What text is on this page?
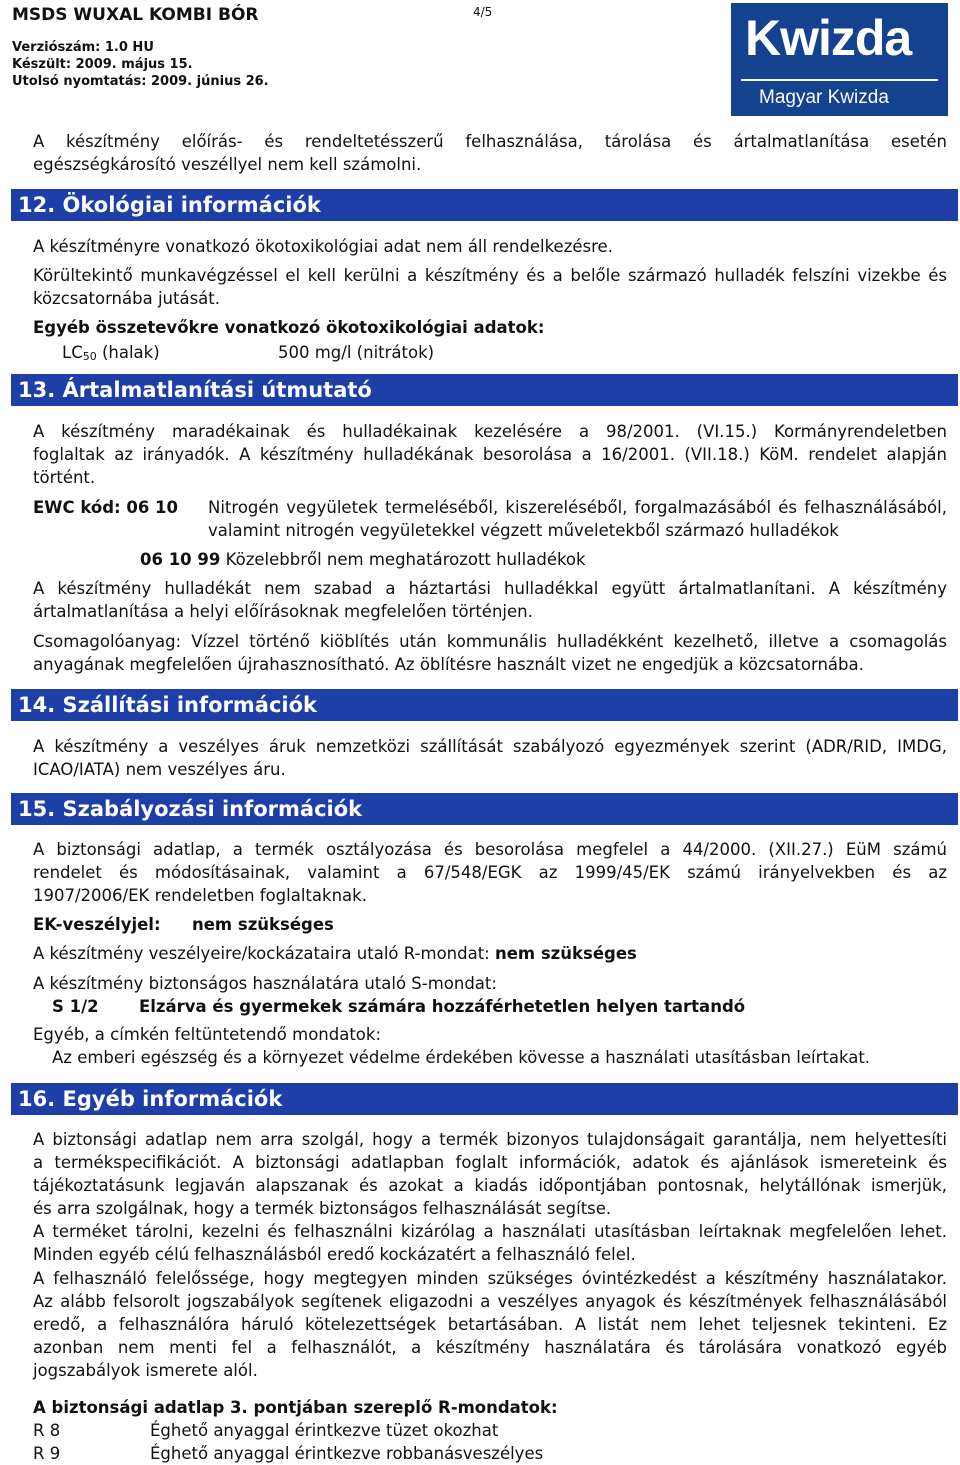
MSDS WUXAL KOMBI BÓR	4/5
Verziószám: 1.0 HU
Készült: 2009. május 15.
Utolsó nyomtatás: 2009. június 26.
Kwizda
Magyar Kwizda
A készítmény előírás- és rendeltetésszerű felhasználása, tárolása és ártalmatlanítása esetén
egészségkárosító veszéllyel nem kell számolni.
12. Ökológiai információk
A készítményre vonatkozó ökotoxikológiai adat nem áll rendelkezésre.
Körültekintő munkavégzéssel el kell kerülni a készítmény és a belőle származó hulladék felszíni vizekbe és
közcsatornába jutását.
Egyéb összetevőkre vonatkozó ökotoxikológiai adatok:
$LC_{50}$ (halak)	500 mg/l (nitrátok)
13. Ártalmatlanítási útmutató
A készítmény maradékainak és hulladékainak kezelésére a 98/2001. (VI.15.) Kormányrendeletben
foglaltak az irányadók. A készítmény hulladékának besorolása a 16/2001. (VII.18.) KöM. rendelet alapján
történt.
EWC kód: 06 10 Nitrogén vegyületek termeléséből, kiszereléséből, forgalmazásából és felhasználásából,
valamint nitrogén vegyületekkel végzett műveletekből származó hulladékok
06 10 99 Közelebbről nem meghatározott hulladékok
A készítmény hulladékát nem szabad a háztartási hulladékkal együtt ártalmatlanítani. A készítmény
ártalmatlanítása a helyi előírásoknak megfelelően történjen.
Csomagolóanyag: Vízzel történő kiöblítés után kommunális hulladékként kezelhető, illetve a csomagolás
anyagának megfelelően újrahasznosítható. Az öblítésre használt vizet ne engedjük a közcsatornába.
14. Szállítási információk
A készítmény a veszélyes áruk nemzetközi szállítását szabályozó egyezmények szerint (ADR/RID, IMDG,
ICAO/IATA) nem veszélyes áru.
15. Szabályozási információk
A biztonsági adatlap, a termék osztályozása és besorolása megfelel a 44/2000. (XII.27.) EüM számú
rendelet és módosításainak, valamint a 67/548/EGK az 1999/45/EK számú irányelvekben és az
1907/2006/EK rendeletben foglaltaknak.
EK-veszélyjel: nem szükséges
A készítmény veszélyeire/kockázataira utaló R-mondat: nem szükséges
A készítmény biztonságos használatára utaló S-mondat:
S 1/2 Elzárva és gyermekek számára hozzáférhetetlen helyen tartandó
Egyéb, a címkén feltüntetendő mondatok:
Az emberi egészség és a környezet védelme érdekében kövesse a használati utasításban leírtakat.
16. Egyéb információk
A biztonsági adatlap nem arra szolgál, hogy a termék bizonyos tulajdonságait garantálja, nem helyettesíti
a termékspecifikációt. A biztonsági adatlapban foglalt információk, adatok és ajánlások ismereteink és
tájékoztatásunk legjaván alapszanak és azokat a kiadás időpontjában pontosnak, helytállónak ismerjük,
és arra szolgálnak, hogy a termék biztonságos felhasználását segítse.
A terméket tárolni, kezelni és felhasználni kizárólag a használati utasításban leírtaknak megfelelően lehet.
Minden egyéb célú felhasználásból eredő kockázatért a felhasználó felel.
A felhasználó felelőssége, hogy megtegyen minden szükséges óvintézkedést a készítmény használatakor.
Az alább felsorolt jogszabályok segítenek eligazodni a veszélyes anyagok és készítmények felhasználásából
eredő, a felhasználóra háruló kötelezettségek betartásában. A listát nem lehet teljesnek tekinteni. Ez
azonban nem menti fel a felhasználót, a készítmény használatára és tárolására vonatkozó egyéb
jogszabályok ismerete alól.
A biztonsági adatlap 3. pontjában szereplő R-mondatok:
R 8	Éghető anyaggal érintkezve tüzet okozhat
R 9	Éghető anyaggal érintkezve robbanásveszélyes
